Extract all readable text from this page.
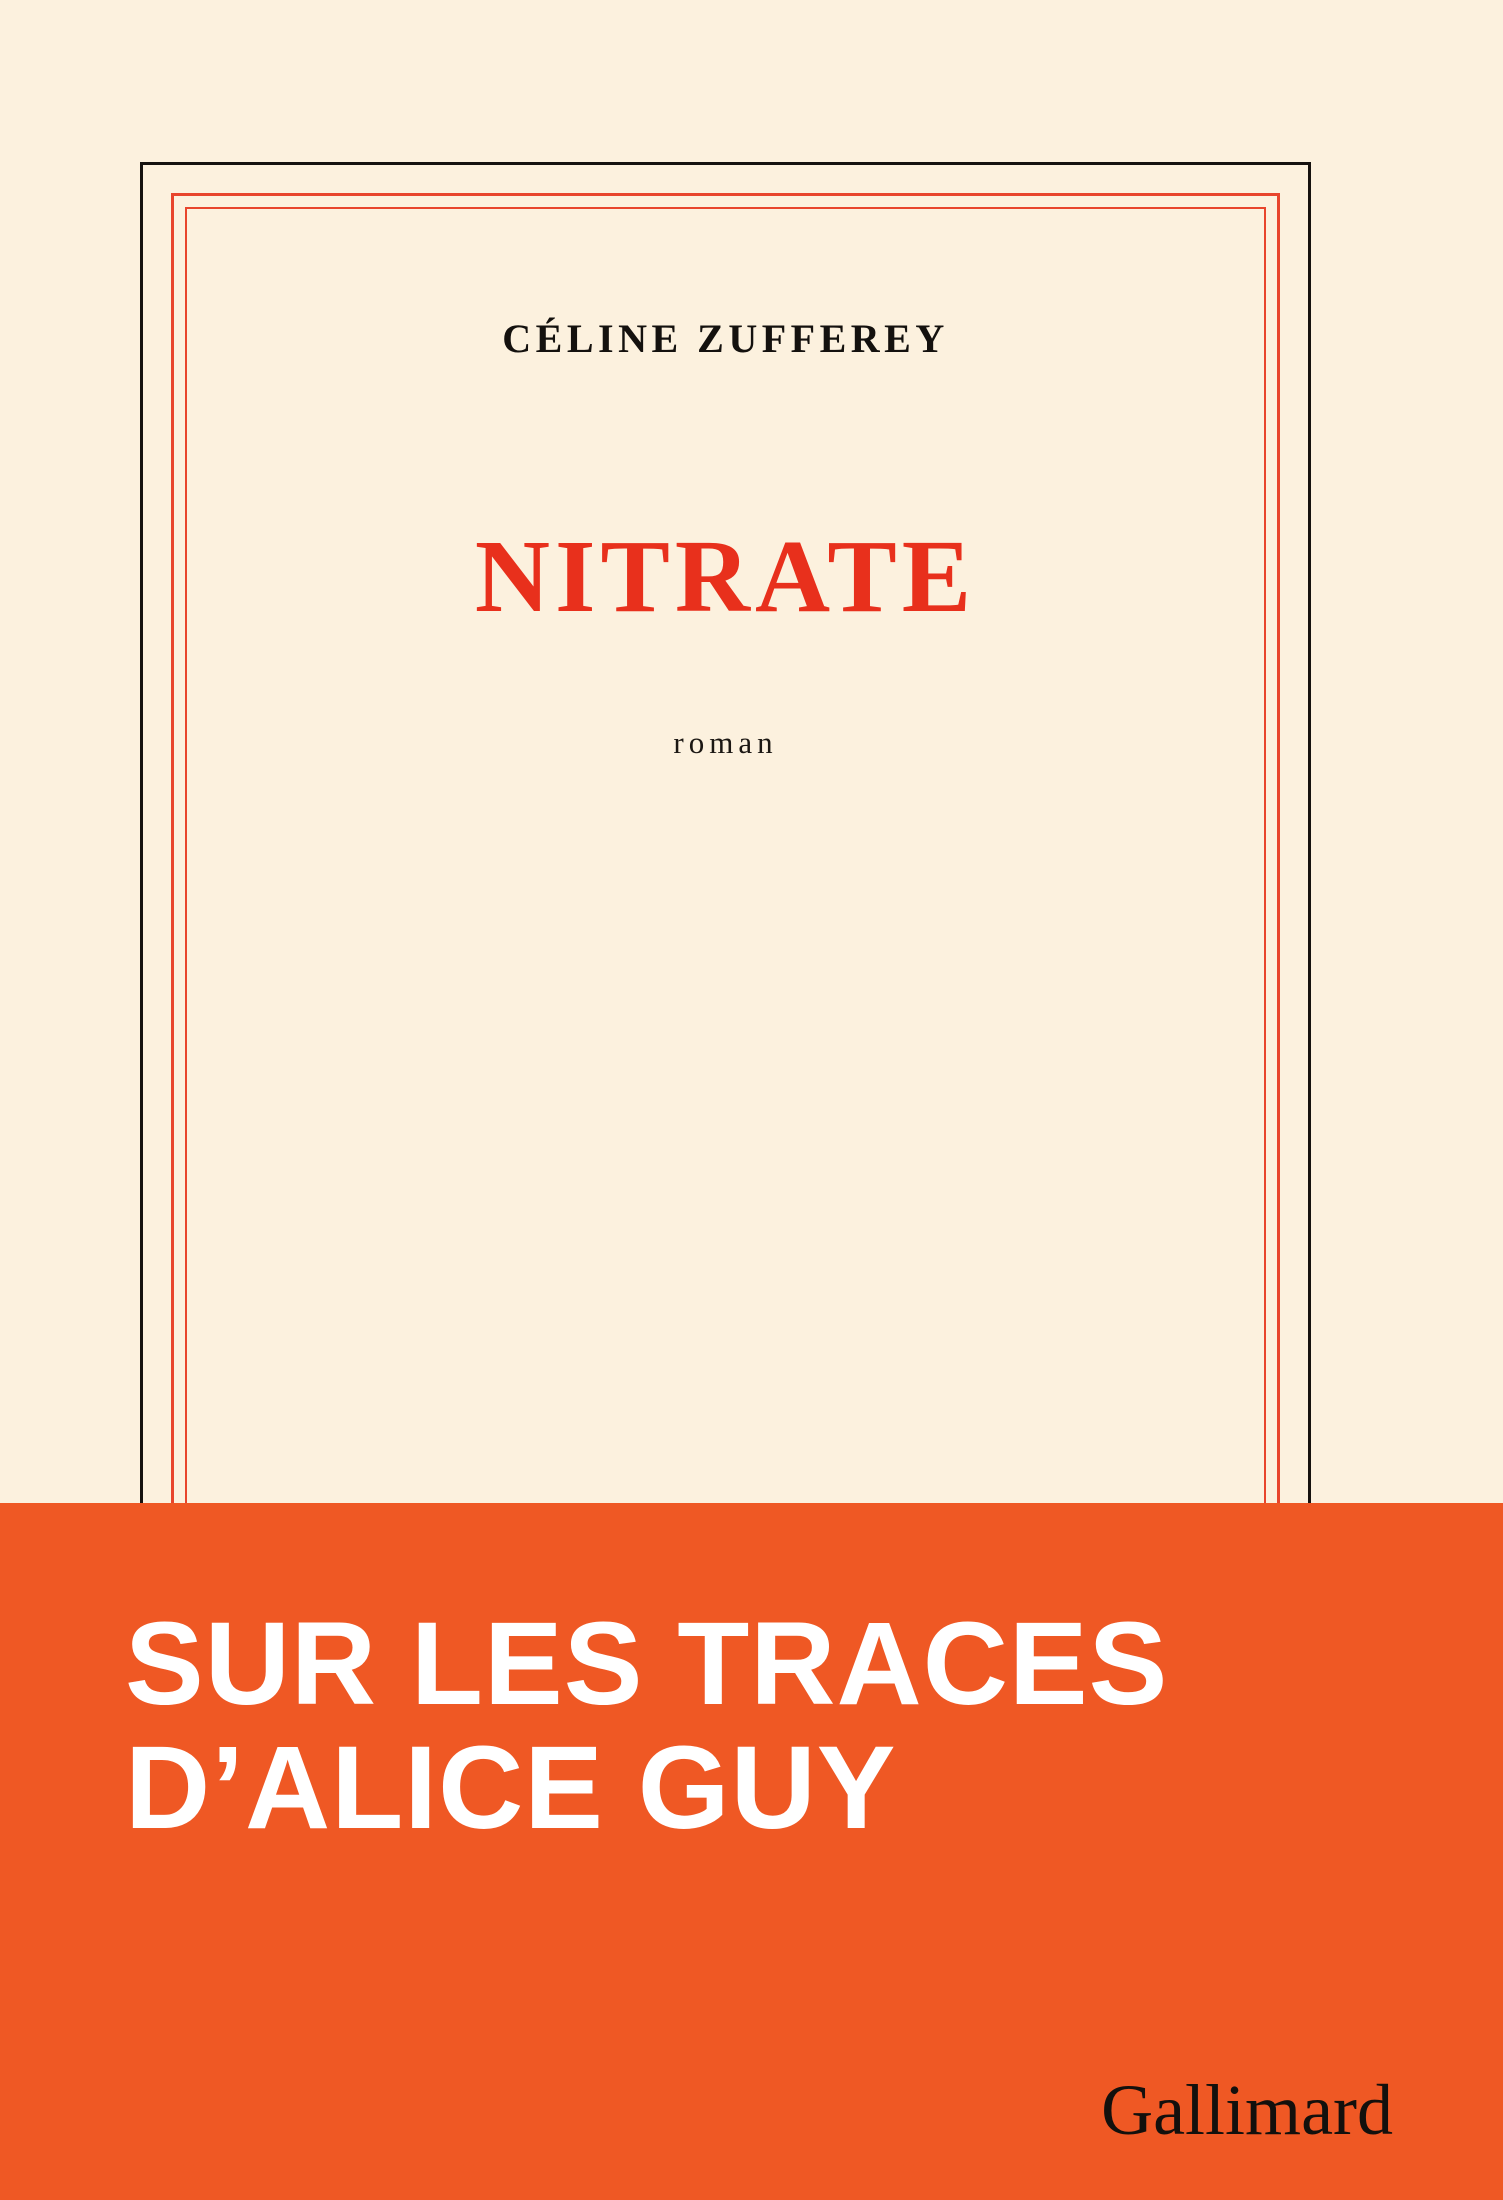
CÉLINE ZUFFEREY
NITRATE
roman
SUR LES TRACES
D’ALICE GUY
Gallimard
